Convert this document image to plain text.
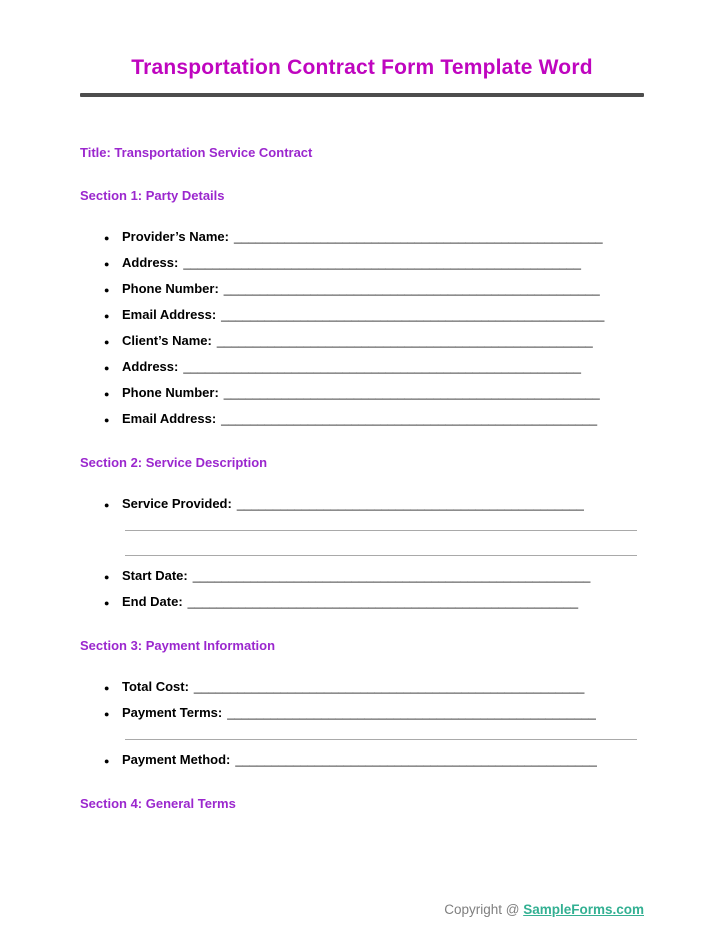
Transportation Contract Form Template Word

Title: Transportation Service Contract

Section 1: Party Details

● Provider’s Name: ___________________________________________________
● Address: _______________________________________________________
● Phone Number: ____________________________________________________
● Email Address: _____________________________________________________
● Client’s Name: ____________________________________________________
● Address: _______________________________________________________
● Phone Number: ____________________________________________________
● Email Address: ____________________________________________________

Section 2: Service Description

● Service Provided: ________________________________________________
● Start Date: _______________________________________________________
● End Date: ______________________________________________________

Section 3: Payment Information

● Total Cost: ______________________________________________________
● Payment Terms: ___________________________________________________
● Payment Method: __________________________________________________

Section 4: General Terms

Copyright @ SampleForms.com
